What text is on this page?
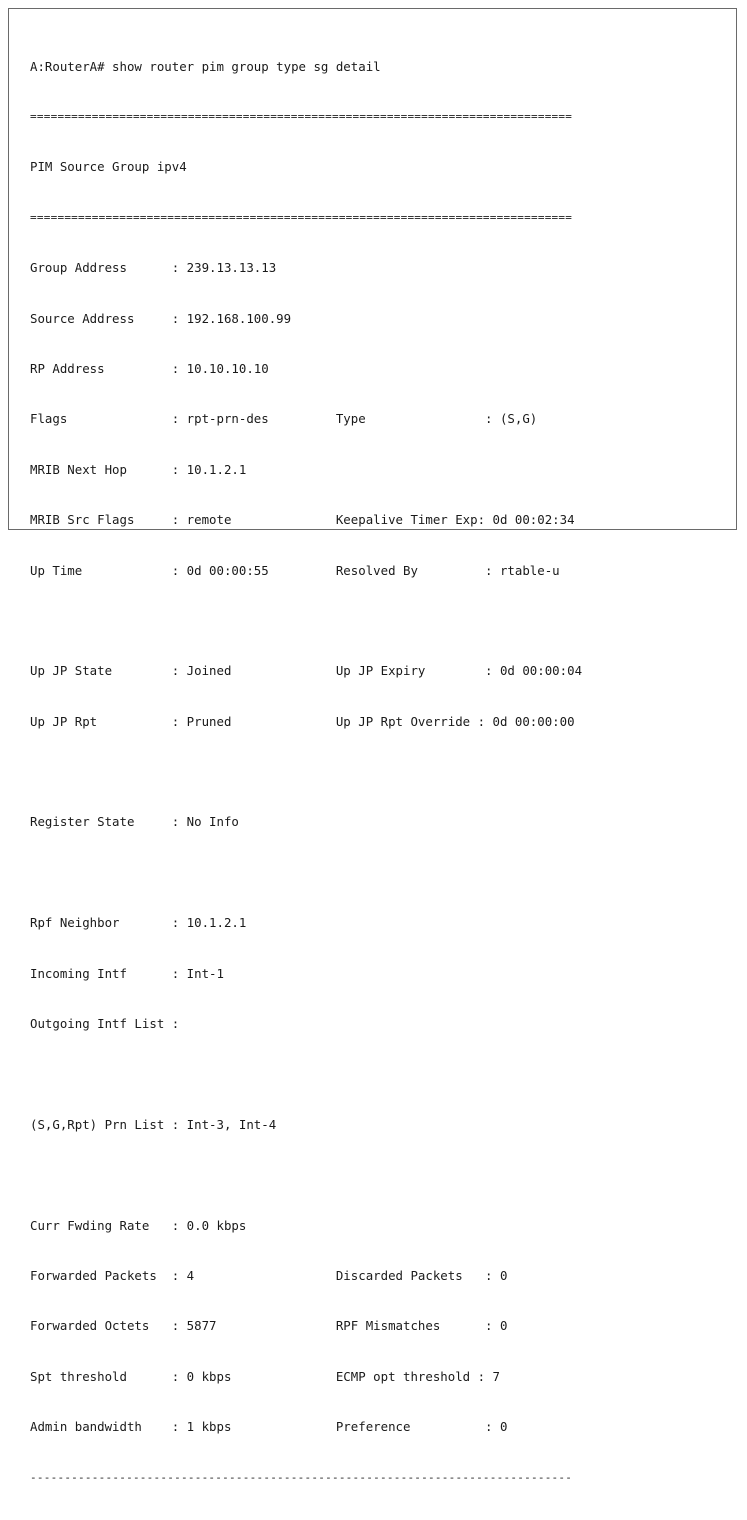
A:RouterA# show router pim group type sg detail

===============================================================================

PIM Source Group ipv4

===============================================================================

Group Address      : 239.13.13.13

Source Address     : 192.168.100.99

RP Address         : 10.10.10.10

Flags              : rpt-prn-des         Type                : (S,G)

MRIB Next Hop      : 10.1.2.1

MRIB Src Flags     : remote              Keepalive Timer Exp: 0d 00:02:34

Up Time            : 0d 00:00:55         Resolved By         : rtable-u

Up JP State        : Joined              Up JP Expiry        : 0d 00:00:04

Up JP Rpt          : Pruned              Up JP Rpt Override : 0d 00:00:00

Register State     : No Info

Rpf Neighbor       : 10.1.2.1

Incoming Intf      : Int-1

Outgoing Intf List :

(S,G,Rpt) Prn List : Int-3, Int-4

Curr Fwding Rate   : 0.0 kbps

Forwarded Packets  : 4                   Discarded Packets   : 0

Forwarded Octets   : 5877                RPF Mismatches      : 0

Spt threshold      : 0 kbps              ECMP opt threshold : 7

Admin bandwidth    : 1 kbps              Preference          : 0

-------------------------------------------------------------------------------
